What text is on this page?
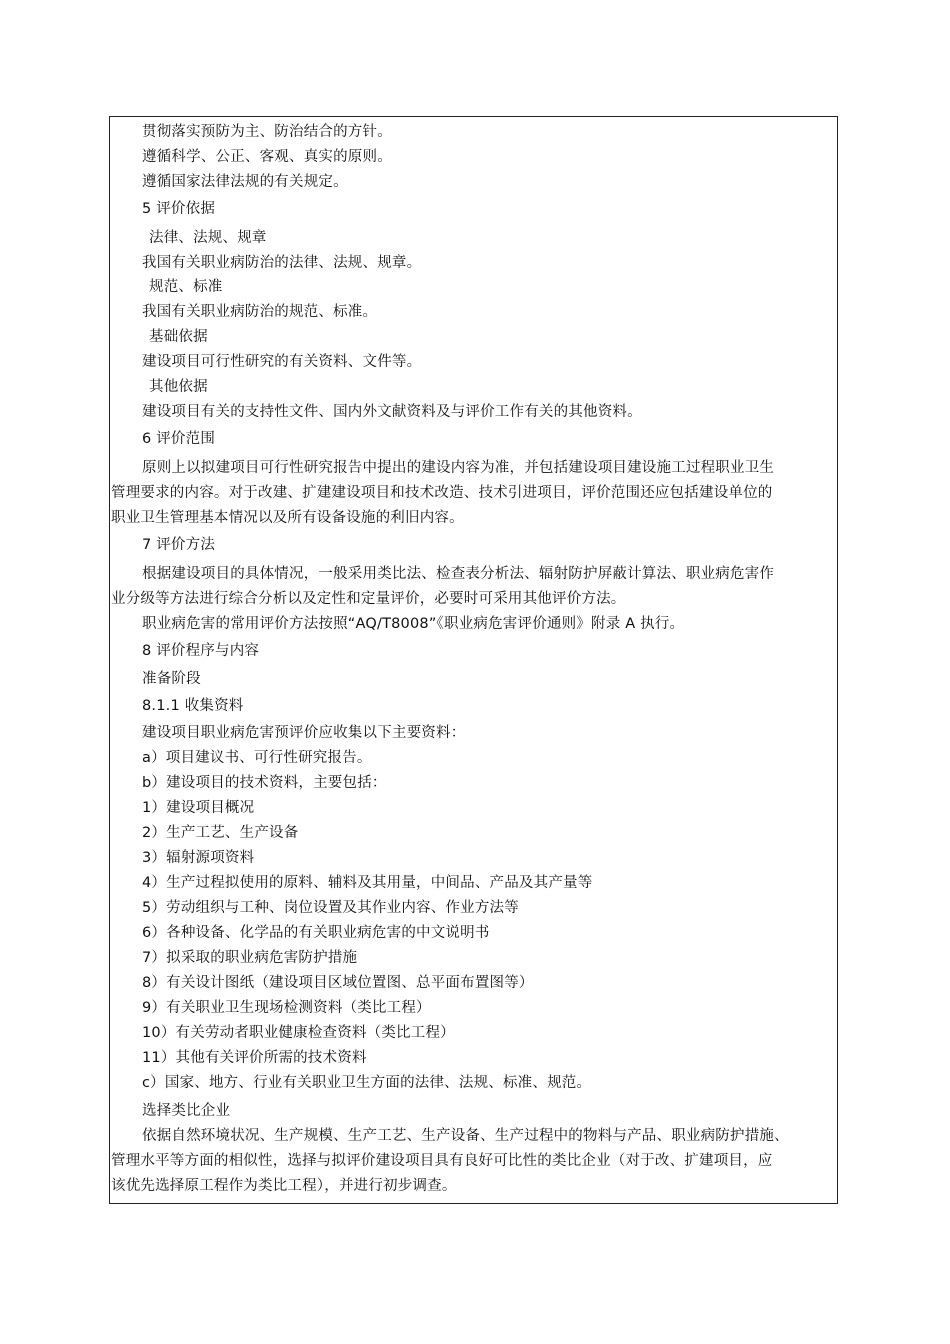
贯彻落实预防为主、防治结合的方针。
遵循科学、公正、客观、真实的原则。
遵循国家法律法规的有关规定。
5 评价依据
法律、法规、规章
我国有关职业病防治的法律、法规、规章。
规范、标准
我国有关职业病防治的规范、标准。
基础依据
建设项目可行性研究的有关资料、文件等。
其他依据
建设项目有关的支持性文件、国内外文献资料及与评价工作有关的其他资料。
6 评价范围
原则上以拟建项目可行性研究报告中提出的建设内容为准，并包括建设项目建设施工过程职业卫生
管理要求的内容。对于改建、扩建建设项目和技术改造、技术引进项目，评价范围还应包括建设单位的
职业卫生管理基本情况以及所有设备设施的利旧内容。
7 评价方法
根据建设项目的具体情况，一般采用类比法、检查表分析法、辐射防护屏蔽计算法、职业病危害作
业分级等方法进行综合分析以及定性和定量评价，必要时可采用其他评价方法。
职业病危害的常用评价方法按照“AQ/T8008”《职业病危害评价通则》附录 A 执行。
8 评价程序与内容
准备阶段
8.1.1 收集资料
建设项目职业病危害预评价应收集以下主要资料：
a）项目建议书、可行性研究报告。
b）建设项目的技术资料，主要包括：
1）建设项目概况
2）生产工艺、生产设备
3）辐射源项资料
4）生产过程拟使用的原料、辅料及其用量，中间品、产品及其产量等
5）劳动组织与工种、岗位设置及其作业内容、作业方法等
6）各种设备、化学品的有关职业病危害的中文说明书
7）拟采取的职业病危害防护措施
8）有关设计图纸（建设项目区域位置图、总平面布置图等）
9）有关职业卫生现场检测资料（类比工程）
10）有关劳动者职业健康检查资料（类比工程）
11）其他有关评价所需的技术资料
c）国家、地方、行业有关职业卫生方面的法律、法规、标准、规范。
选择类比企业
依据自然环境状况、生产规模、生产工艺、生产设备、生产过程中的物料与产品、职业病防护措施、
管理水平等方面的相似性，选择与拟评价建设项目具有良好可比性的类比企业（对于改、扩建项目，应
该优先选择原工程作为类比工程），并进行初步调查。
